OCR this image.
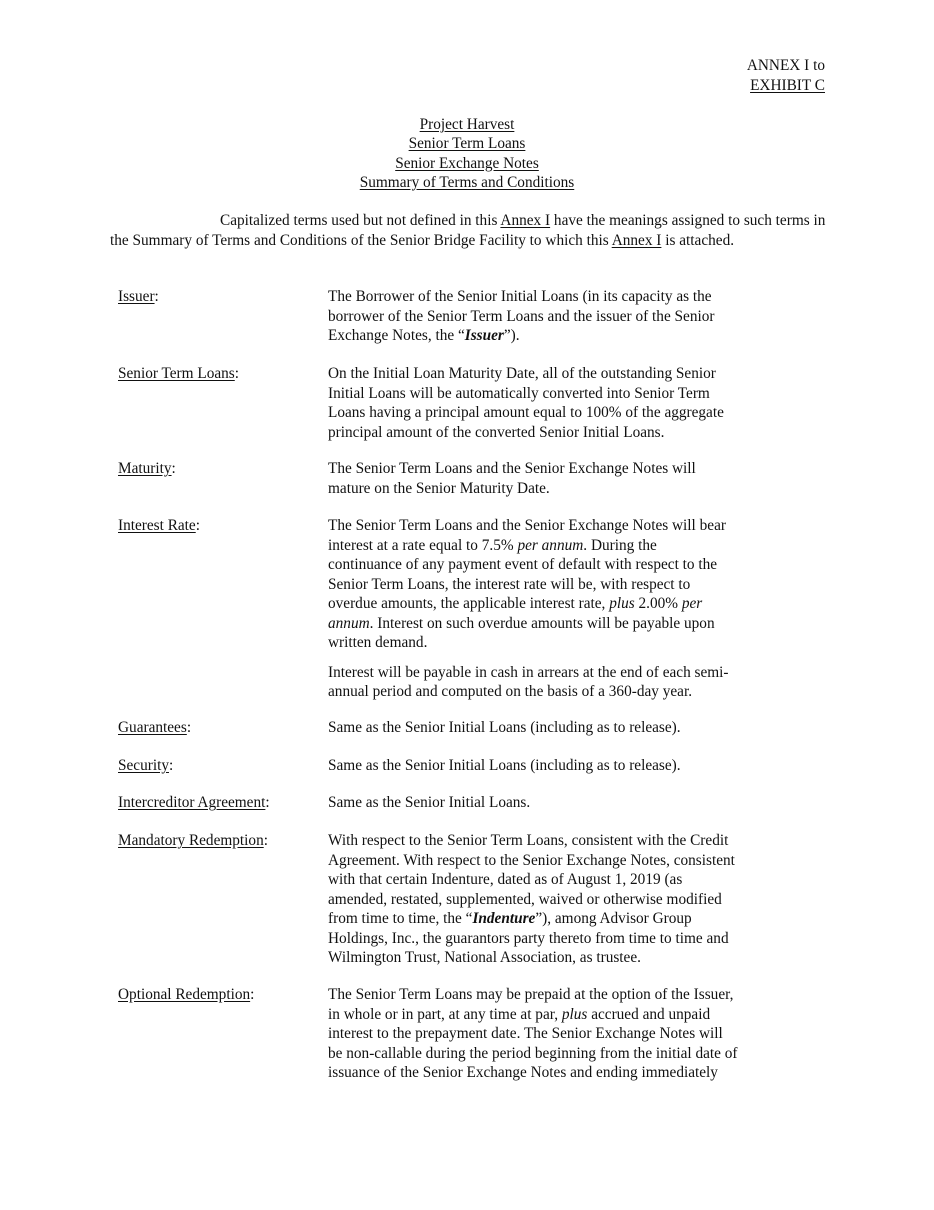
ANNEX I to
EXHIBIT C
Project Harvest
Senior Term Loans
Senior Exchange Notes
Summary of Terms and Conditions

Capitalized terms used but not defined in this Annex I have the meanings assigned to such terms in the Summary of Terms and Conditions of the Senior Bridge Facility to which this Annex I is attached.

Issuer:	The Borrower of the Senior Initial Loans (in its capacity as the
borrower of the Senior Term Loans and the issuer of the Senior
Exchange Notes, the “Issuer”).
Senior Term Loans:	On the Initial Loan Maturity Date, all of the outstanding Senior
Initial Loans will be automatically converted into Senior Term
Loans having a principal amount equal to 100% of the aggregate
principal amount of the converted Senior Initial Loans.
Maturity:	The Senior Term Loans and the Senior Exchange Notes will
mature on the Senior Maturity Date.
Interest Rate:	The Senior Term Loans and the Senior Exchange Notes will bear
interest at a rate equal to 7.5% per annum. During the
continuance of any payment event of default with respect to the
Senior Term Loans, the interest rate will be, with respect to
overdue amounts, the applicable interest rate, plus 2.00% per
annum. Interest on such overdue amounts will be payable upon
written demand.

Interest will be payable in cash in arrears at the end of each semi-
annual period and computed on the basis of a 360-day year.

Guarantees:	Same as the Senior Initial Loans (including as to release).
Security:	Same as the Senior Initial Loans (including as to release).
Intercreditor Agreement:	Same as the Senior Initial Loans.
Mandatory Redemption:	With respect to the Senior Term Loans, consistent with the Credit
Agreement. With respect to the Senior Exchange Notes, consistent
with that certain Indenture, dated as of August 1, 2019 (as
amended, restated, supplemented, waived or otherwise modified
from time to time, the “Indenture”), among Advisor Group
Holdings, Inc., the guarantors party thereto from time to time and
Wilmington Trust, National Association, as trustee.
Optional Redemption:	The Senior Term Loans may be prepaid at the option of the Issuer,
in whole or in part, at any time at par, plus accrued and unpaid
interest to the prepayment date. The Senior Exchange Notes will
be non-callable during the period beginning from the initial date of
issuance of the Senior Exchange Notes and ending immediately
